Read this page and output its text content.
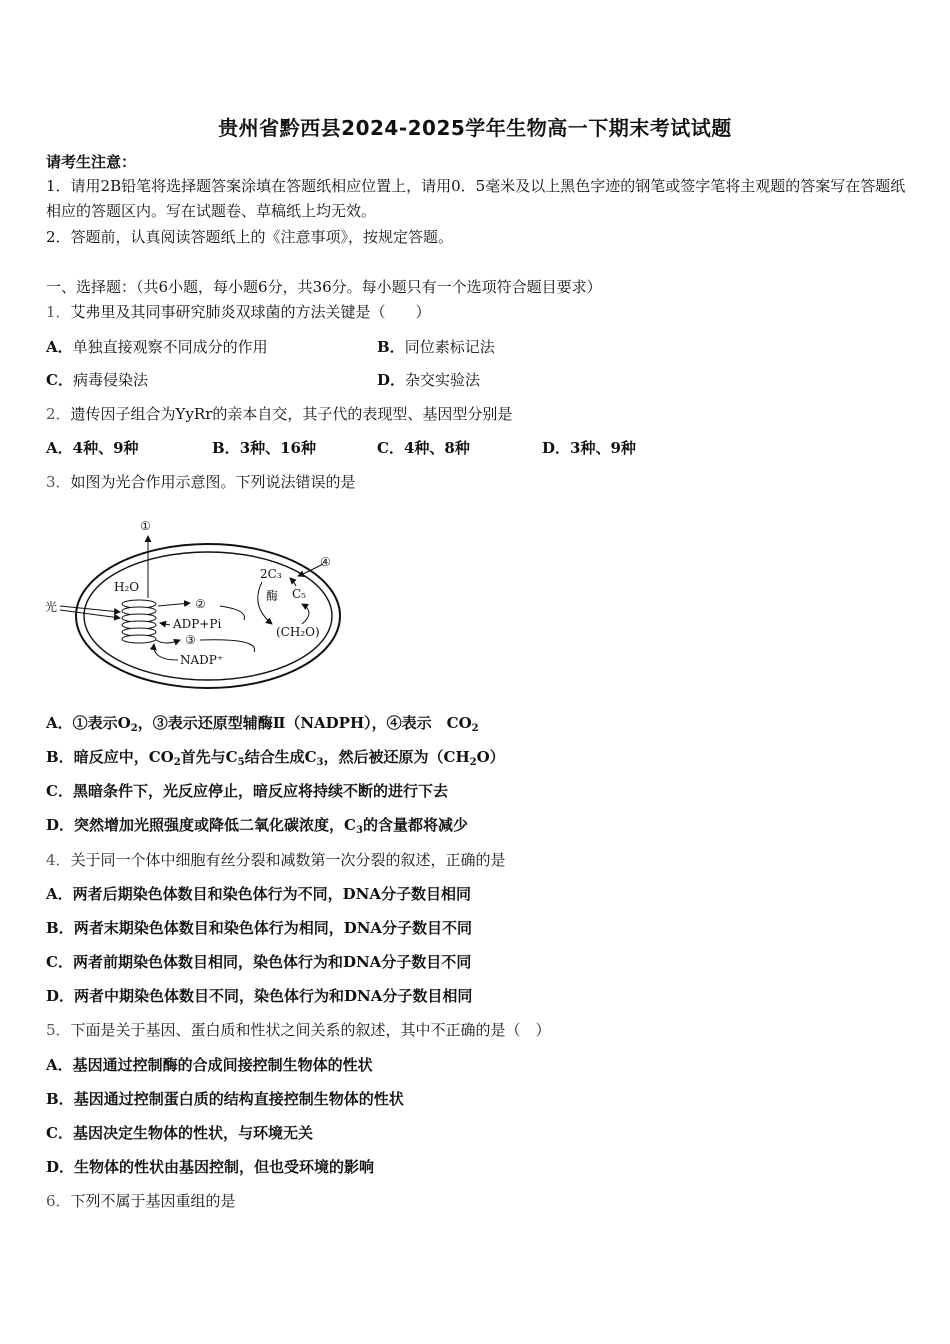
贵州省黔西县2024-2025学年生物高一下期末考试试题
请考生注意：
1．请用2B铅笔将选择题答案涂填在答题纸相应位置上，请用0．5毫米及以上黑色字迹的钢笔或签字笔将主观题的答案写在答题纸相应的答题区内。写在试题卷、草稿纸上均无效。
2．答题前，认真阅读答题纸上的《注意事项》，按规定答题。
一、选择题：（共6小题，每小题6分，共36分。每小题只有一个选项符合题目要求）
1．艾弗里及其同事研究肺炎双球菌的方法关键是（　　）
A．单独直接观察不同成分的作用	B．同位素标记法
C．病毒侵染法	D．杂交实验法
2．遗传因子组合为YyRr的亲本自交，其子代的表现型、基因型分别是
A．4种、9种	B．3种、16种	C．4种、8种	D．3种、9种
3．如图为光合作用示意图。下列说法错误的是
光
H₂O
①
②
ADP+Pi
③
NADP⁺
④
2C₃
酶 C₅
(CH₂O)
A．①表示$O_2$，③表示还原型辅酶Ⅱ（NADPH），④表示　$CO_2$
B．暗反应中，$CO_2$首先与$C_5$结合生成$C_3$，然后被还原为$(CH_2O)$
C．黑暗条件下，光反应停止，暗反应将持续不断的进行下去
D．突然增加光照强度或降低二氧化碳浓度，$C_3$的含量都将减少
4．关于同一个体中细胞有丝分裂和减数第一次分裂的叙述，正确的是
A．两者后期染色体数目和染色体行为不同，DNA分子数目相同
B．两者末期染色体数目和染色体行为相同，DNA分子数目不同
C．两者前期染色体数目相同，染色体行为和DNA分子数目不同
D．两者中期染色体数目不同，染色体行为和DNA分子数目相同
5．下面是关于基因、蛋白质和性状之间关系的叙述，其中不正确的是（　）
A．基因通过控制酶的合成间接控制生物体的性状
B．基因通过控制蛋白质的结构直接控制生物体的性状
C．基因决定生物体的性状，与环境无关
D．生物体的性状由基因控制，但也受环境的影响
6．下列不属于基因重组的是
